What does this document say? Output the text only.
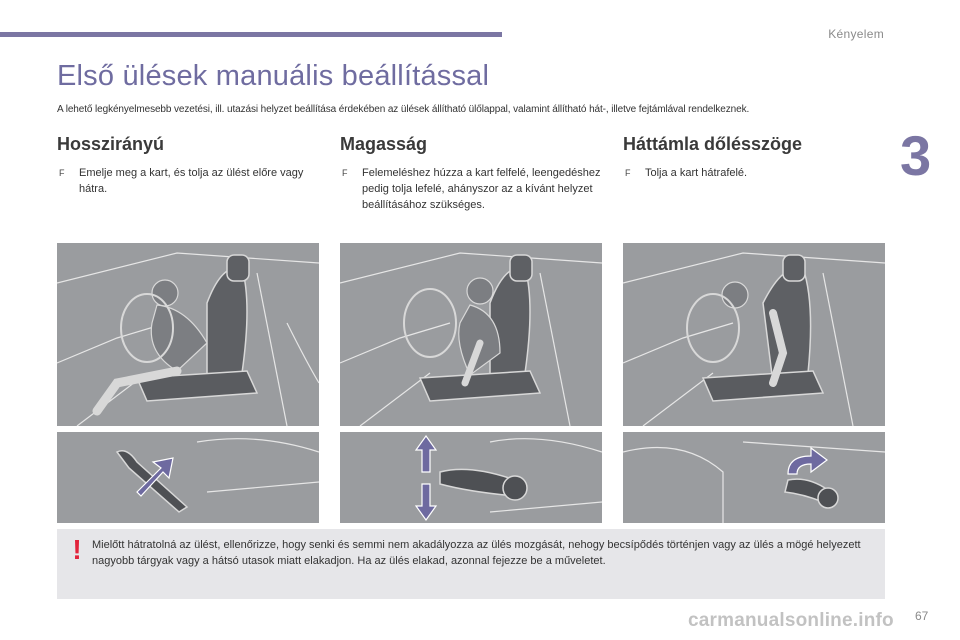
Kényelem
3
Első ülések manuális beállítással

A lehető legkényelmesebb vezetési, ill. utazási helyzet beállítása érdekében az ülések állítható ülőlappal, valamint állítható hát-, illetve fejtámlával rendelkeznek.

Hosszirányú
F	Emelje meg a kart, és tolja az ülést előre vagy hátra.
Magasság
F	Felemeléshez húzza a kart felfelé, leengedéshez pedig tolja lefelé, ahányszor az a kívánt helyzet beállításához szükséges.
Háttámla dőlésszöge
F	Tolja a kart hátrafelé.
! Mielőtt hátratolná az ülést, ellenőrizze, hogy senki és semmi nem akadályozza az ülés mozgását, nehogy becsípődés történjen vagy az ülés a mögé helyezett nagyobb tárgyak vagy a hátsó utasok miatt elakadjon. Ha az ülés elakad, azonnal fejezze be a műveletet.

carmanualsonline.info 67
